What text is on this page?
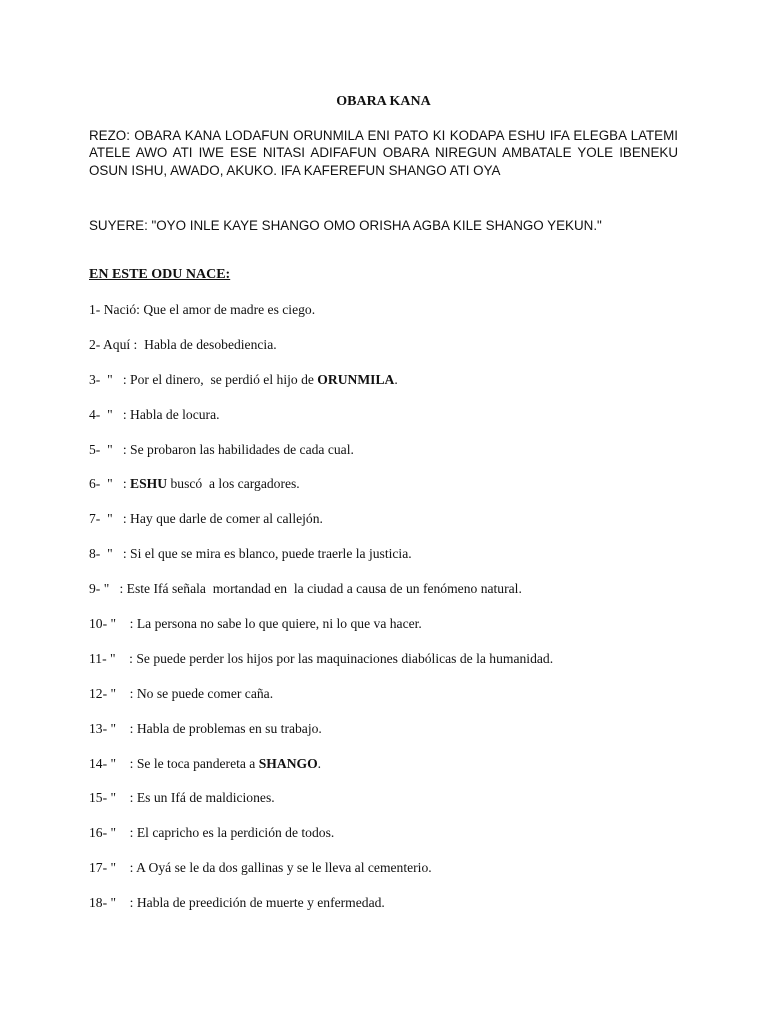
OBARA KANA
REZO: OBARA KANA LODAFUN ORUNMILA ENI PATO KI KODAPA ESHU IFA ELEGBA LATEMI ATELE AWO ATI IWE ESE NITASI ADIFAFUN OBARA NIREGUN AMBATALE YOLE IBENEKU OSUN ISHU, AWADO, AKUKO. IFA KAFEREFUN SHANGO ATI OYA
SUYERE: "OYO INLE KAYE SHANGO OMO ORISHA AGBA KILE SHANGO YEKUN."
EN ESTE ODU NACE:
1- Nació: Que el amor de madre es ciego.
2- Aquí :  Habla de desobediencia.
3-  "   : Por el dinero,  se perdió el hijo de ORUNMILA.
4-  "   : Habla de locura.
5-  "   : Se probaron las habilidades de cada cual.
6-  "   : ESHU buscó  a los cargadores.
7-  "   : Hay que darle de comer al callejón.
8-  "   : Si el que se mira es blanco, puede traerle la justicia.
9- "   : Este Ifá señala  mortandad en  la ciudad a causa de un fenómeno natural.
10- "    : La persona no sabe lo que quiere, ni lo que va hacer.
11- "    : Se puede perder los hijos por las maquinaciones diabólicas de la humanidad.
12- "    : No se puede comer caña.
13- "    : Habla de problemas en su trabajo.
14- "    : Se le toca pandereta a SHANGO.
15- "    : Es un Ifá de maldiciones.
16- "    : El capricho es la perdición de todos.
17- "    : A Oyá se le da dos gallinas y se le lleva al cementerio.
18- "    : Habla de preedición de muerte y enfermedad.
